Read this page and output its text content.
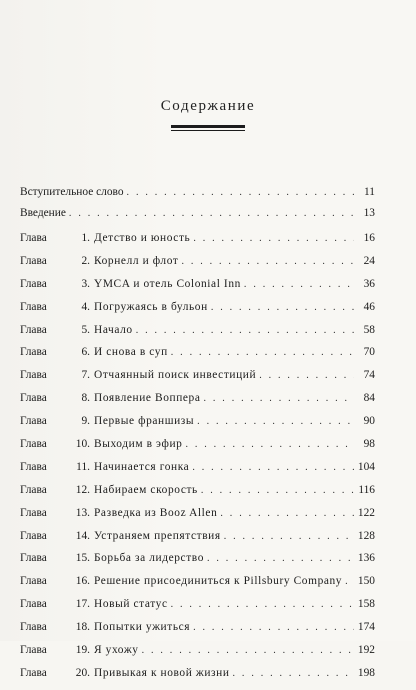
Содержание
Вступительное слово . . .	11
Введение . . .	13
Глава	1. Детство и юность . . .	16
Глава	2. Корнелл и флот . . .	24
Глава	3. YMCA и отель Colonial Inn . . .	36
Глава	4. Погружаясь в бульон . . .	46
Глава	5. Начало . . .	58
Глава	6. И снова в суп . . .	70
Глава	7. Отчаянный поиск инвестиций . . .	74
Глава	8. Появление Воппера . . .	84
Глава	9. Первые франшизы . . .	90
Глава	10. Выходим в эфир . . .	98
Глава	11. Начинается гонка . . .	104
Глава	12. Набираем скорость . . .	116
Глава	13. Разведка из Booz Allen . . .	122
Глава	14. Устраняем препятствия . . .	128
Глава	15. Борьба за лидерство . . .	136
Глава	16. Решение присоединиться к Pillsbury Company . . . 150
Глава	17. Новый статус . . .	158
Глава	18. Попытки ужиться . . .	174
Глава	19. Я ухожу . . .	192
Глава	20. Привыкая к новой жизни . . .	198
